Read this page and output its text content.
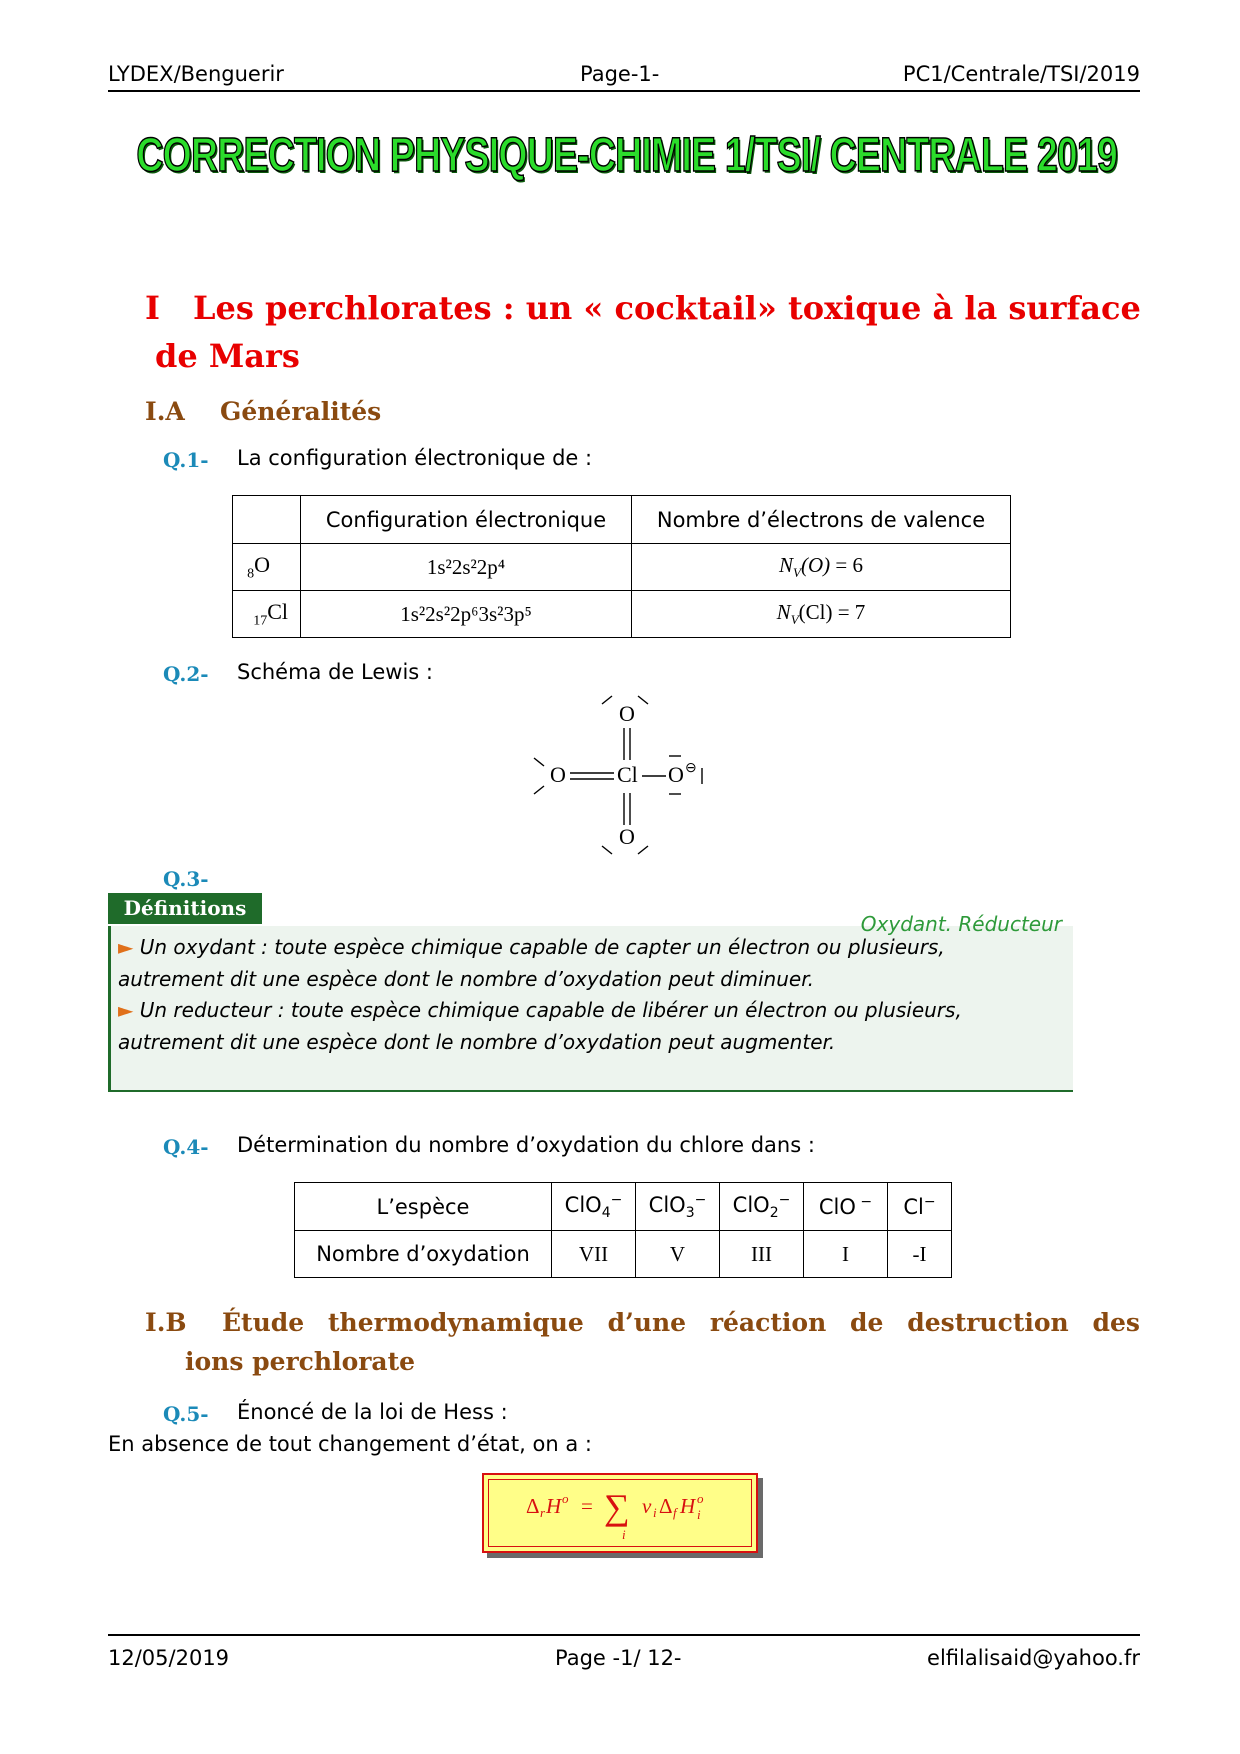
LYDEX/Benguerir	Page-1-	PC1/Centrale/TSI/2019
CORRECTION PHYSIQUE-CHIMIE 1/TSI/ CENTRALE 2019
I Les perchlorates : un « cocktail» toxique à la surface
de Mars
I.A Généralités
Q.1- La configuration électronique de :
	Configuration électronique	Nombre d’électrons de valence
$_8$O	1s²2s²2p⁴	$N_V(O) = 6$
$_{17}$Cl	1s²2s²2p⁶3s²3p⁵	$N_V(Cl) = 7$
Q.2- Schéma de Lewis :
O
Cl
O	O
O
⊖
Q.3-
Définitions
Oxydant. Réducteur
► Un oxydant : toute espèce chimique capable de capter un électron ou plusieurs,
autrement dit une espèce dont le nombre d’oxydation peut diminuer.
► Un reducteur : toute espèce chimique capable de libérer un électron ou plusieurs,
autrement dit une espèce dont le nombre d’oxydation peut augmenter.
Q.4- Détermination du nombre d’oxydation du chlore dans :
L’espèce	ClO$_4$−	ClO$_3$−	ClO$_2$−	ClO −	Cl−
Nombre d’oxydation	VII	V	III	I	-I
I.B Étude thermodynamique d’une réaction de destruction des
ions perchlorate
Q.5- Énoncé de la loi de Hess :
En absence de tout changement d’état, on a :
Δ r H o = ∑
i
ν i Δ f H o
i
12/05/2019	Page -1/ 12-	elfilalisaid@yahoo.fr
